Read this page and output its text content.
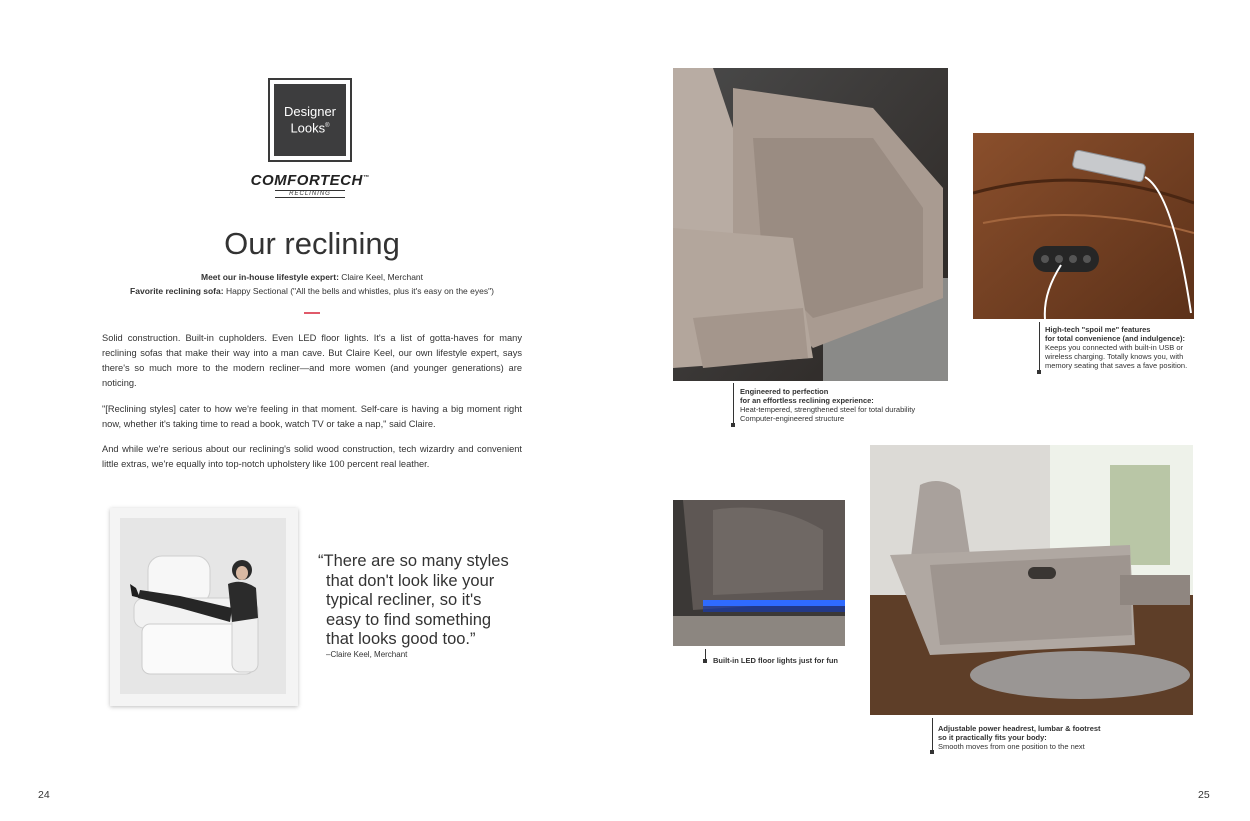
Designer
Looks®
COMFORTECH™
RECLINING
Our reclining
Meet our in-house lifestyle expert: Claire Keel, Merchant
Favorite reclining sofa: Happy Sectional ("All the bells and whistles, plus it's easy on the eyes")

Solid construction. Built-in cupholders. Even LED floor lights. It's a list of gotta-haves for many reclining sofas that make their way into a man cave. But Claire Keel, our own lifestyle expert, says there's so much more to the modern recliner—and more women (and younger generations) are noticing.

"[Reclining styles] cater to how we're feeling in that moment. Self-care is having a big moment right now, whether it's taking time to read a book, watch TV or take a nap," said Claire.

And while we're serious about our reclining's solid wood construction, tech wizardry and convenient little extras, we're equally into top-notch upholstery like 100 percent real leather.

“There are so many styles
that don't look like your
typical recliner, so it's
easy to find something
that looks good too.”
–Claire Keel, Merchant
24
Engineered to perfection
for an effortless reclining experience:
Heat-tempered, strengthened steel for total durability
Computer-engineered structure
High-tech "spoil me" features
for total convenience (and indulgence):
Keeps you connected with built-in USB or
wireless charging. Totally knows you, with
memory seating that saves a fave position.
Built-in LED floor lights just for fun
Adjustable power headrest, lumbar & footrest
so it practically fits your body:
Smooth moves from one position to the next
25
